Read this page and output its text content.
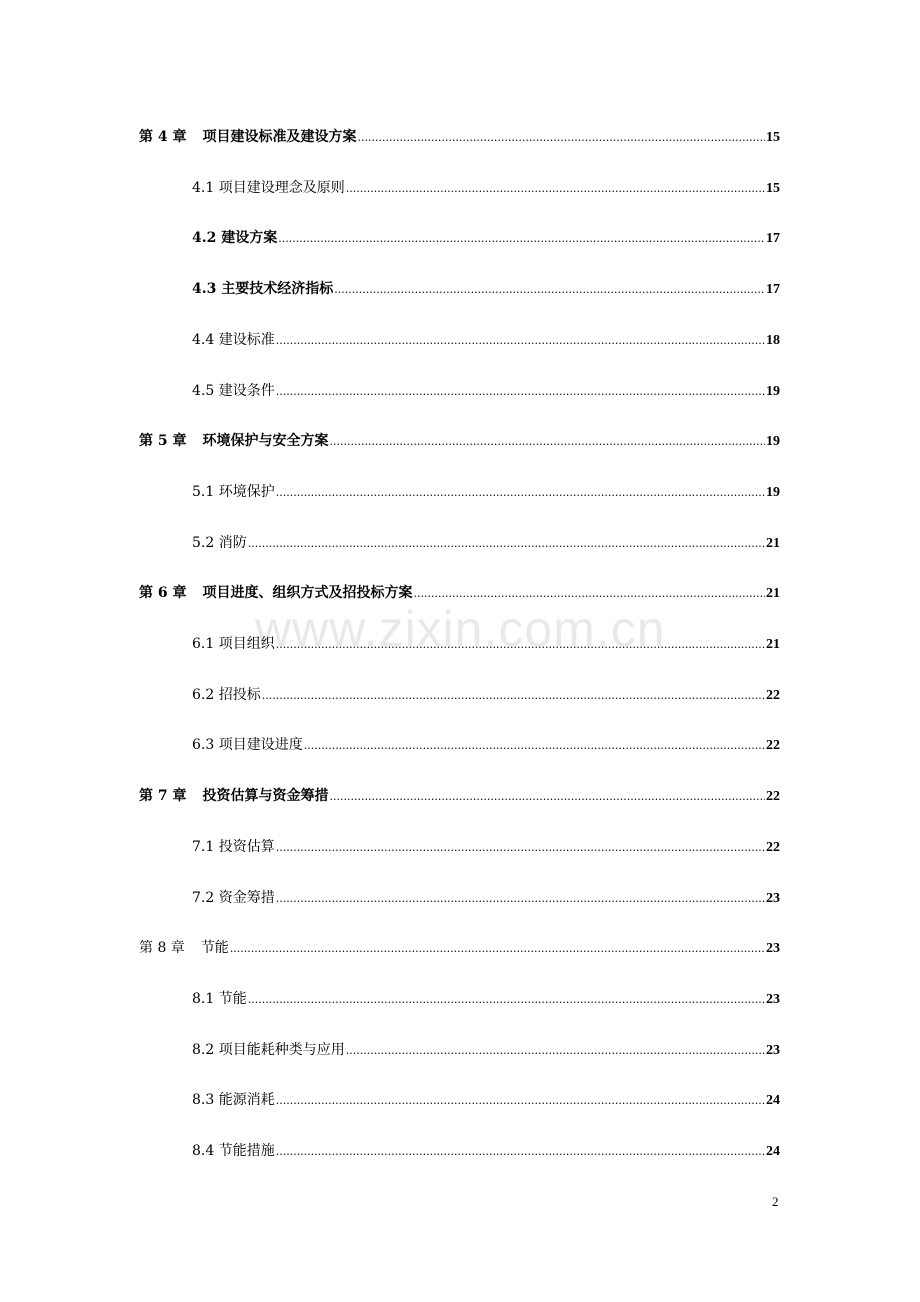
www.zixin.com.cn
第 4 章 项目建设标准及建设方案 .....	15
4.1 项目建设理念及原则 .....	15
4.2 建设方案 .....	17
4.3 主要技术经济指标 .....	17
4.4 建设标准 .....	18
4.5 建设条件 .....	19
第 5 章 环境保护与安全方案 .....	19
5.1 环境保护 .....	19
5.2 消防 .....	21
第 6 章 项目进度、组织方式及招投标方案 .....	21
6.1 项目组织 .....	21
6.2 招投标 .....	22
6.3 项目建设进度 .....	22
第 7 章 投资估算与资金筹措 .....	22
7.1 投资估算 .....	22
7.2 资金筹措 .....	23
第 8 章 节能 .....	23
8.1 节能 .....	23
8.2 项目能耗种类与应用 .....	23
8.3 能源消耗 .....	24
8.4 节能措施 .....	24
2
